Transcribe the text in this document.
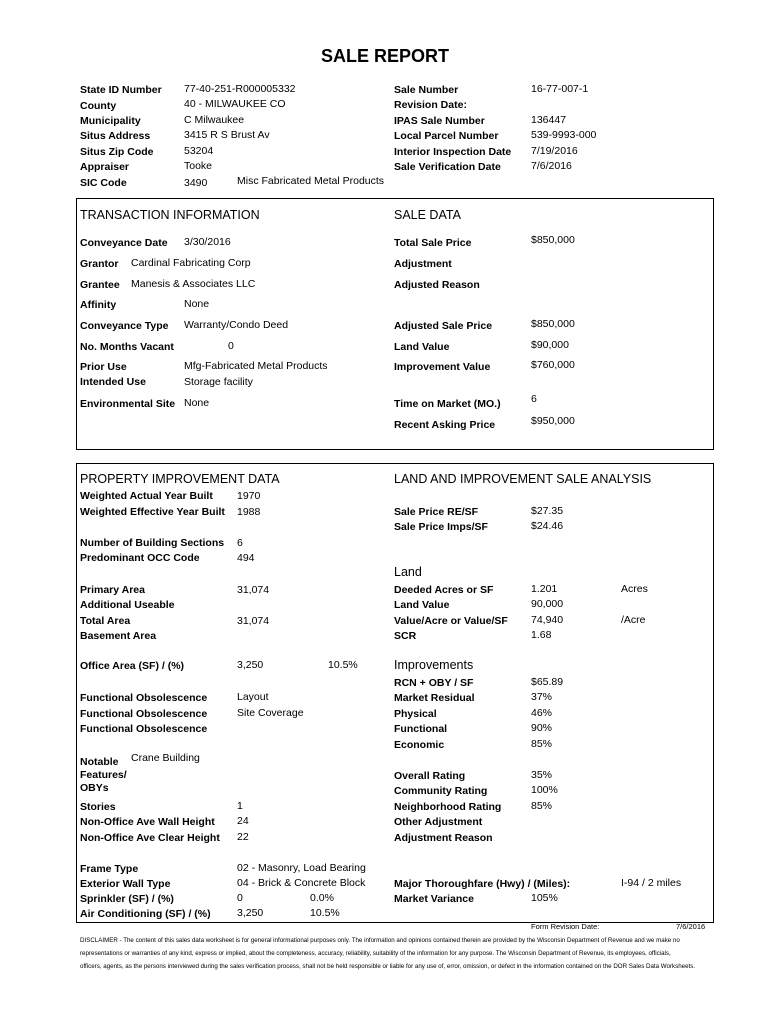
SALE REPORT
State ID Number 77-40-251-R000005332
County	40 - MILWAUKEE CO
Municipality	C Milwaukee
Situs Address	3415 R S Brust Av
Situs Zip Code	53204
Appraiser	Tooke
SIC Code	3490	Misc Fabricated Metal Products
Sale Number	16-77-007-1
Revision Date:
IPAS Sale Number	136447
Local Parcel Number	539-9993-000
Interior Inspection Date 7/19/2016
Sale Verification Date	7/6/2016
TRANSACTION INFORMATION	SALE DATA
Conveyance Date 3/30/2016
Grantor Cardinal Fabricating Corp
Grantee Manesis & Associates LLC
Affinity	None
Conveyance Type Warranty/Condo Deed
No. Months Vacant	0
Prior Use	Mfg-Fabricated Metal Products
Intended Use	Storage facility
Environmental Site None
Total Sale Price	$850,000
Adjustment
Adjusted Reason
Adjusted Sale Price	$850,000
Land Value	$90,000
Improvement Value	$760,000
Time on Market (MO.)	6
Recent Asking Price	$950,000
PROPERTY IMPROVEMENT DATA	LAND AND IMPROVEMENT SALE ANALYSIS
Weighted Actual Year Built 1970
Weighted Effective Year Built 1988
Number of Building Sections 6
Predominant OCC Code	494
Primary Area	31,074
Additional Useable
Total Area	31,074
Basement Area
Office Area (SF) / (%)	3,250	10.5%
Functional Obsolescence	Layout
Functional Obsolescence	Site Coverage
Functional Obsolescence
Notable
Features/
OBYs
Crane Building
Stories	1
Non-Office Ave Wall Height 24
Non-Office Ave Clear Height 22
Frame Type	02 - Masonry, Load Bearing
Exterior Wall Type	04 - Brick & Concrete Block
Sprinkler (SF) / (%)	0	0.0%
Air Conditioning (SF) / (%)	3,250	10.5%
Sale Price RE/SF	$27.35
Sale Price Imps/SF	$24.46
Land
Deeded Acres or SF	1.201	Acres
Land Value	90,000
Value/Acre or Value/SF 74,940	/Acre
SCR	1.68
Improvements
RCN + OBY / SF	$65.89
Market Residual	37%
Physical	46%
Functional	90%
Economic	85%
Overall Rating	35%
Community Rating	100%
Neighborhood Rating	85%
Other Adjustment
Adjustment Reason
Major Thoroughfare (Hwy) / (Miles):	I-94 / 2 miles
Market Variance	105%
Form Revision Date:	7/6/2016
DISCLAIMER - The content of this sales data worksheet is for general informational purposes only. The information and opinions contained therein are provided by the Wisconsin Department of Revenue and we make no
representations or warranties of any kind, express or implied, about the completeness, accuracy, reliability, suitability of the information for any purpose. The Wisconsin Department of Revenue, its employees, officials,
officers, agents, as the persons interviewed during the sales verification process, shall not be held responsible or liable for any use of, error, omission, or defect in the information contained on the DOR Sales Data Worksheets.
